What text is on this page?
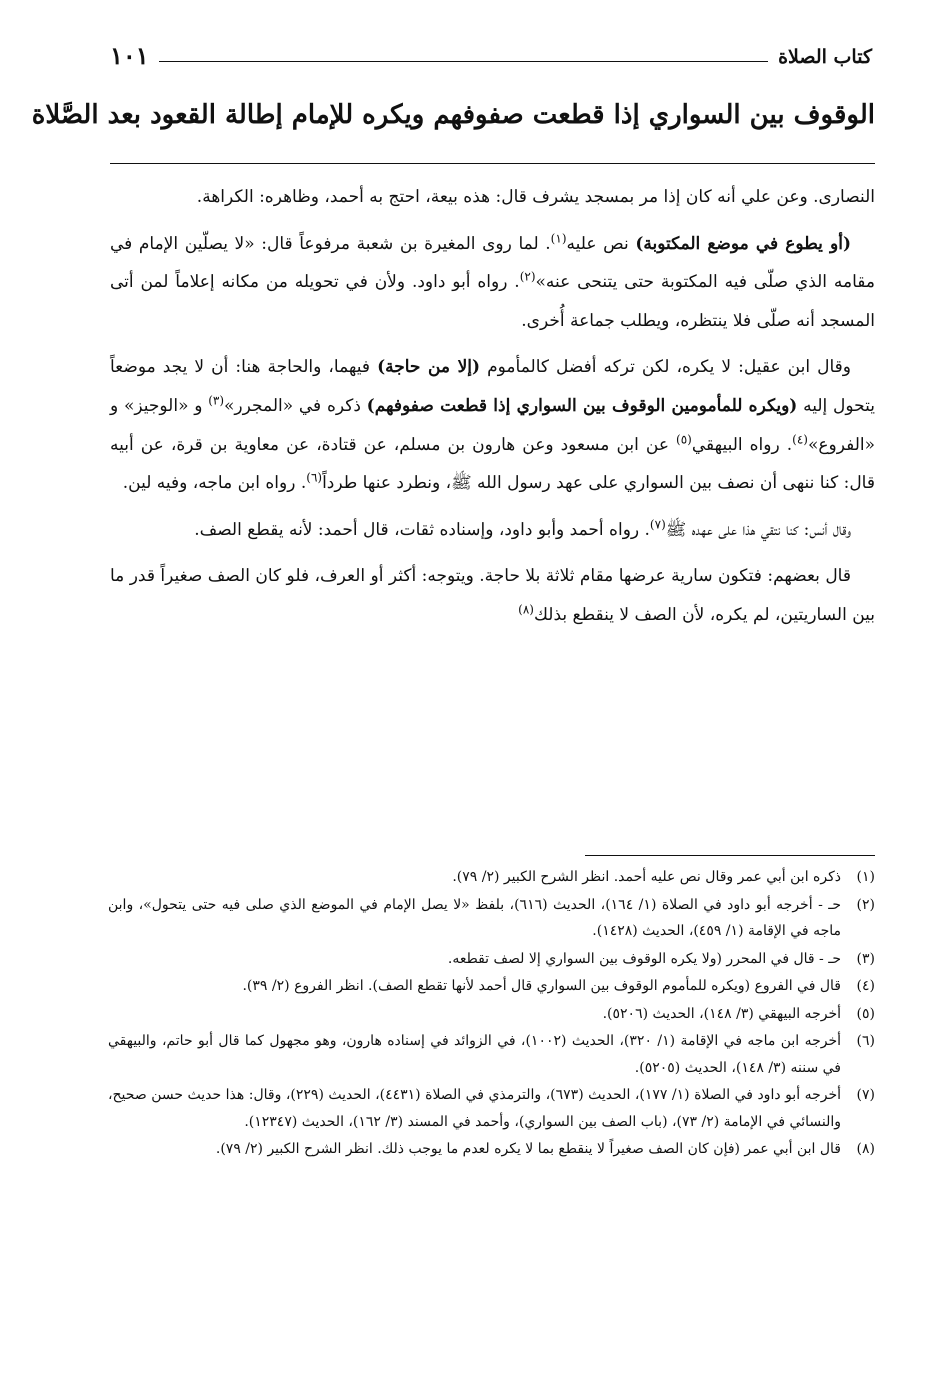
كتاب الصلاة
١٠١
الوقوف بين السواري إذا قطعت صفوفهم ويكره للإمام إطالة القعود بعد الصَّلاة

النصارى. وعن علي أنه كان إذا مر بمسجد يشرف قال: هذه بيعة، احتج به أحمد، وظاهره: الكراهة.

(أو يطوع في موضع المكتوبة) نص عليه$^{(١)}$. لما روى المغيرة بن شعبة مرفوعاً قال: «لا يصلّين الإمام في مقامه الذي صلّى فيه المكتوبة حتى يتنحى عنه»$^{(٢)}$. رواه أبو داود. ولأن في تحويله من مكانه إعلاماً لمن أتى المسجد أنه صلّى فلا ينتظره، ويطلب جماعة أُخرى.

وقال ابن عقيل: لا يكره، لكن تركه أفضل كالمأموم (إلا من حاجة) فيهما، والحاجة هنا: أن لا يجد موضعاً يتحول إليه (ويكره للمأمومين الوقوف بين السواري إذا قطعت صفوفهم) ذكره في «المجرر»$^{(٣)}$ و «الوجيز» و «الفروع»$^{(٤)}$. رواه البيهقي$^{(٥)}$ عن ابن مسعود وعن هارون بن مسلم، عن قتادة، عن معاوية بن قرة، عن أبيه قال: كنا ننهى أن نصف بين السواري على عهد رسول الله ﷺ، ونطرد عنها طرداً$^{(٦)}$. رواه ابن ماجه، وفيه لين.

وقال أنس: كنا نتقي هذا على عهده ﷺ$^{(٧)}$. رواه أحمد وأبو داود، وإسناده ثقات، قال أحمد: لأنه يقطع الصف.

قال بعضهم: فتكون سارية عرضها مقام ثلاثة بلا حاجة. ويتوجه: أكثر أو العرف، فلو كان الصف صغيراً قدر ما بين الساريتين، لم يكره، لأن الصف لا ينقطع بذلك$^{(٨)}$

(١)
ذكره ابن أبي عمر وقال نص عليه أحمد. انظر الشرح الكبير (٢/ ٧٩).
(٢)
حـ - أخرجه أبو داود في الصلاة (١/ ١٦٤)، الحديث (٦١٦)، بلفظ «لا يصل الإمام في الموضع الذي صلى فيه حتى يتحول»، وابن ماجه في الإقامة (١/ ٤٥٩)، الحديث (١٤٢٨).
(٣)
حـ - قال في المحرر (ولا يكره الوقوف بين السواري إلا لصف تقطعه.
(٤)
قال في الفروع (ويكره للمأموم الوقوف بين السواري قال أحمد لأنها تقطع الصف). انظر الفروع (٢/ ٣٩).
(٥)
أخرجه البيهقي (٣/ ١٤٨)، الحديث (٥٢٠٦).
(٦)
أخرجه ابن ماجه في الإقامة (١/ ٣٢٠)، الحديث (١٠٠٢)، في الزوائد في إسناده هارون، وهو مجهول كما قال أبو حاتم، والبيهقي في سننه (٣/ ١٤٨)، الحديث (٥٢٠٥).
(٧)
أخرجه أبو داود في الصلاة (١/ ١٧٧)، الحديث (٦٧٣)، والترمذي في الصلاة (٤٤٣١)، الحديث (٢٢٩)، وقال: هذا حديث حسن صحيح، والنسائي في الإمامة (٢/ ٧٣)، (باب الصف بين السواري)، وأحمد في المسند (٣/ ١٦٢)، الحديث (١٢٣٤٧).
(٨)
قال ابن أبي عمر (فإن كان الصف صغيراً لا ينقطع بما لا يكره لعدم ما يوجب ذلك. انظر الشرح الكبير (٢/ ٧٩).
